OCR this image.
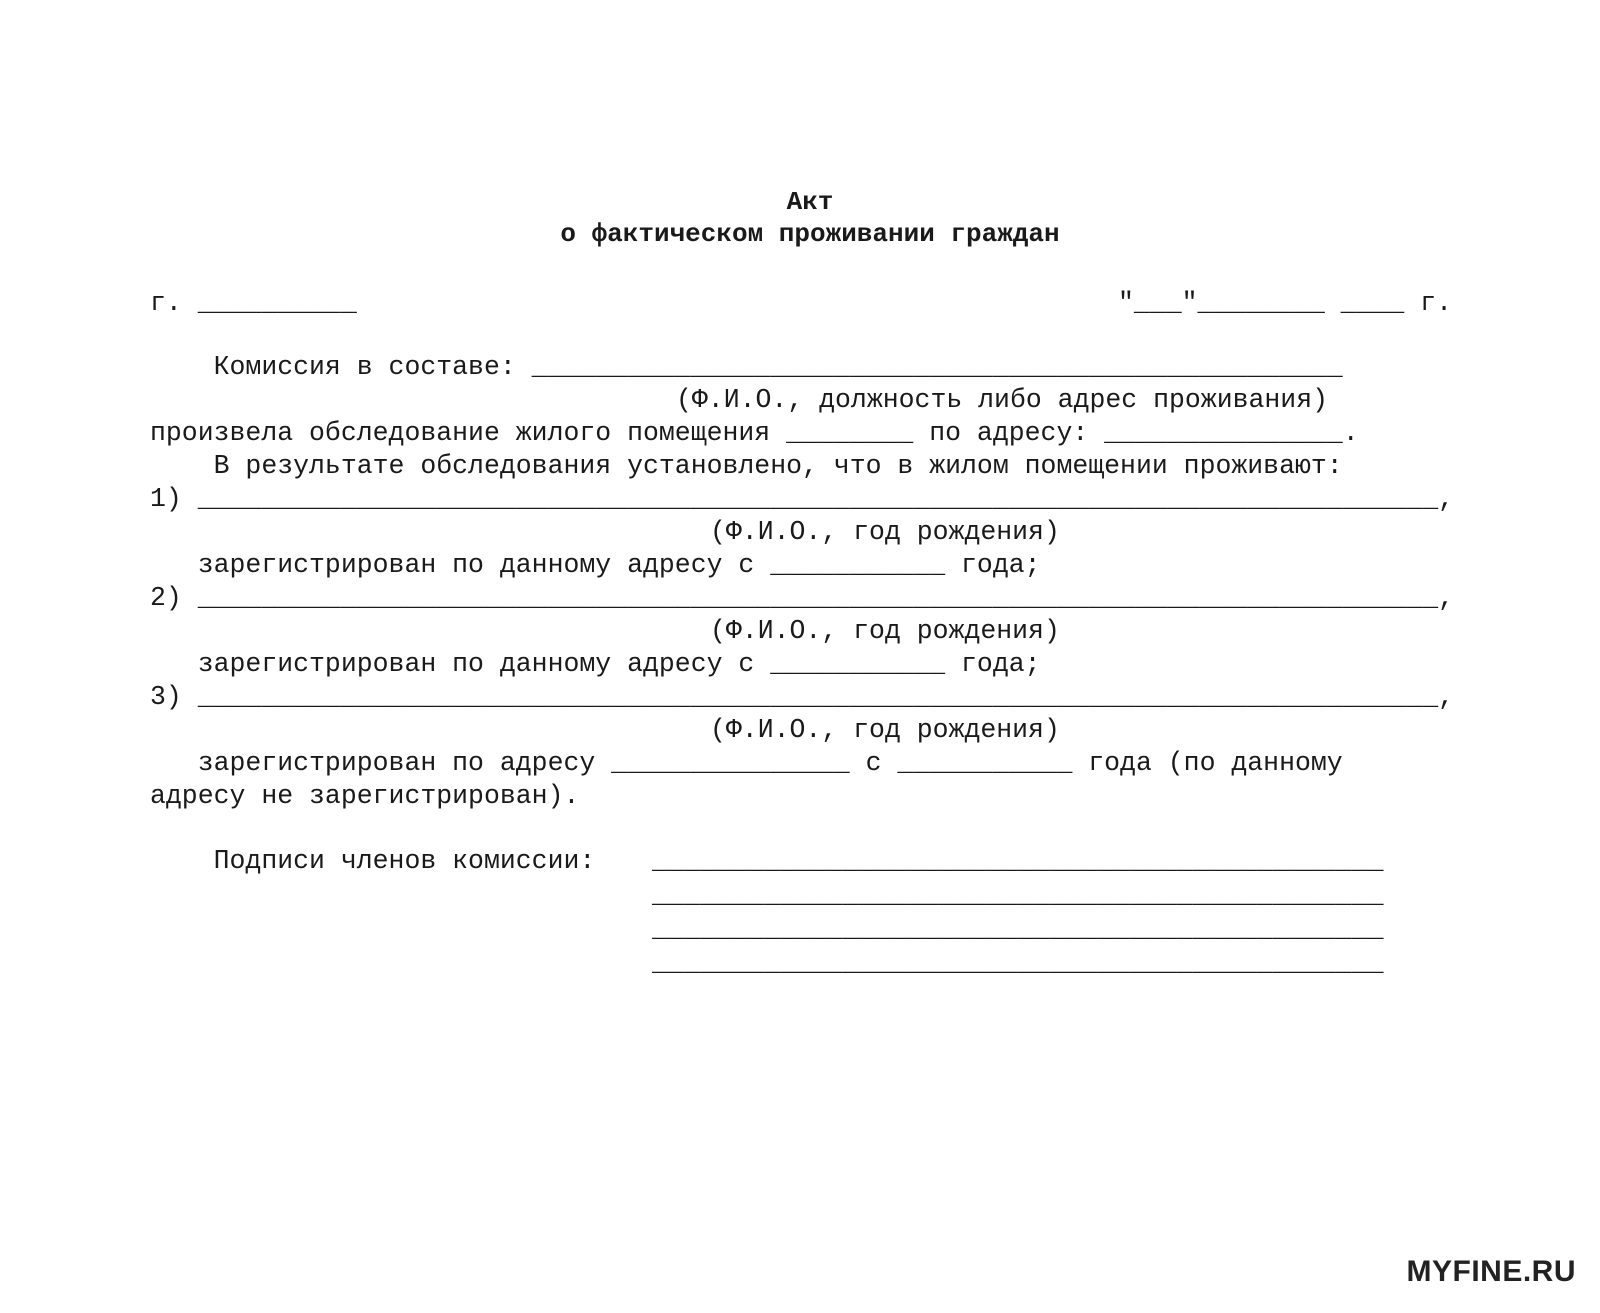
Акт
о фактическом проживании граждан
г. __________	"___"________ ____ г.
Комиссия в составе: ___________________________________________________
(Ф.И.О., должность либо адрес проживания)
произвела обследование жилого помещения ________ по адресу: _______________.
В результате обследования установлено, что в жилом помещении проживают:
1) ______________________________________________________________________________,
(Ф.И.О., год рождения)
зарегистрирован по данному адресу с ___________ года;
2) ______________________________________________________________________________,
(Ф.И.О., год рождения)
зарегистрирован по данному адресу с ___________ года;
3) ______________________________________________________________________________,
(Ф.И.О., год рождения)
зарегистрирован по адресу _______________ с ___________ года (по данному
адресу не зарегистрирован).
Подписи членов комиссии: ______________________________________________
______________________________________________
______________________________________________
______________________________________________
MYFINE.RU
